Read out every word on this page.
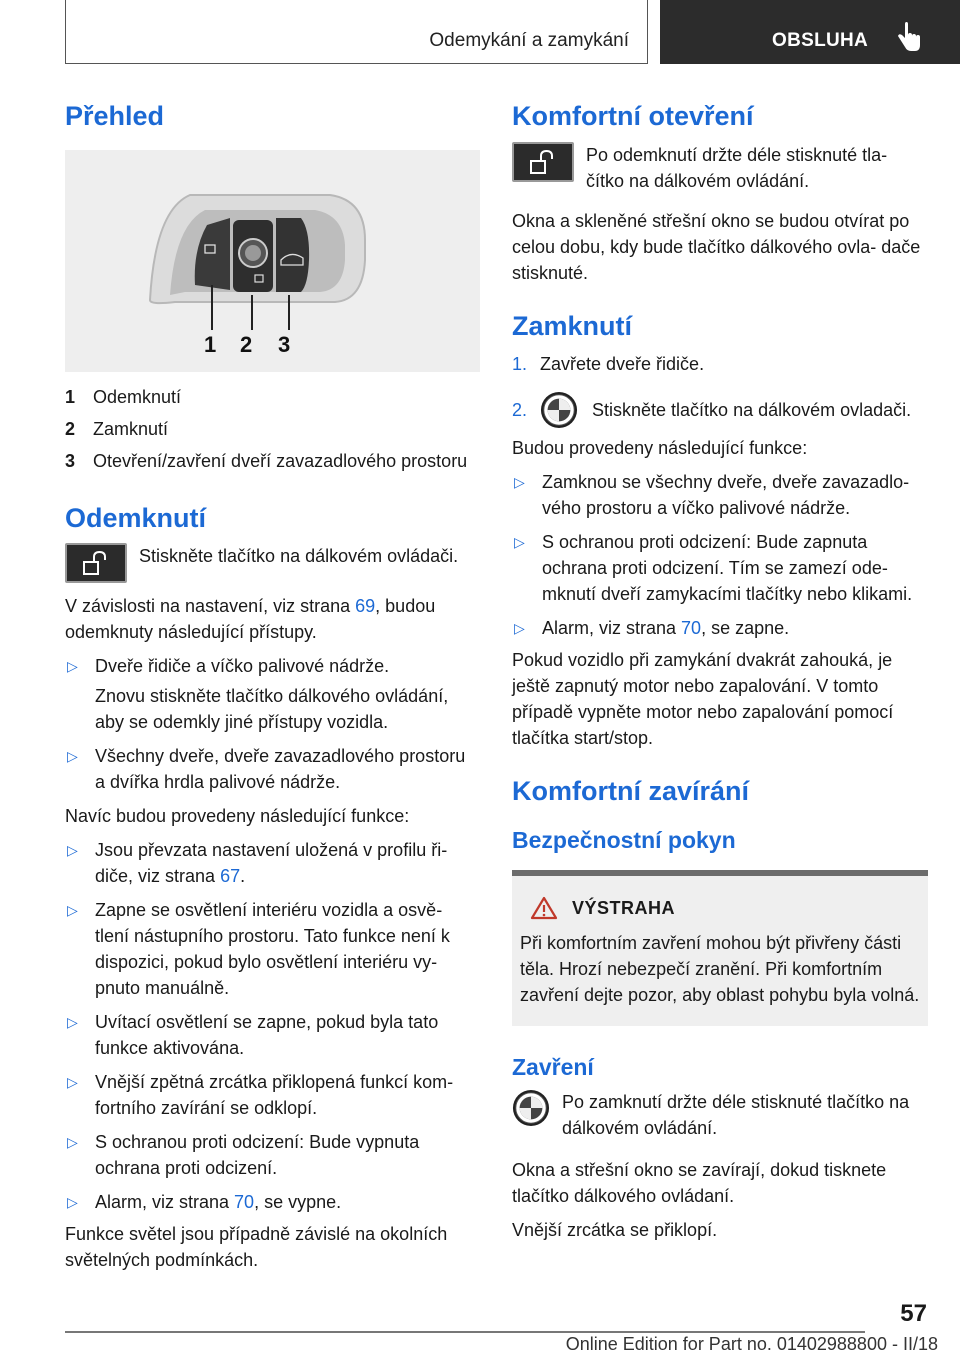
Odemykání a zamykání	OBSLUHA
Přehled
1 2 3
1 Odemknutí
2 Zamknutí
3 Otevření/zavření dveří zavazadlového prostoru
Odemknutí

Stiskněte tlačítko na dálkovém ovládači.

V závislosti na nastavení, viz strana 69, budou odemknuty následující přístupy.

▷ Dveře řidiče a víčko palivové nádrže.
Znovu stiskněte tlačítko dálkového ovládání, aby se odemkly jiné přístupy vozidla.
▷ Všechny dveře, dveře zavazadlového prostoru a dvířka hrdla palivové nádrže.

Navíc budou provedeny následující funkce:

▷ Jsou převzata nastavení uložená v profilu ři‐ diče, viz strana 67.
▷ Zapne se osvětlení interiéru vozidla a osvě‐ tlení nástupního prostoru. Tato funkce není k dispozici, pokud bylo osvětlení interiéru vy‐ pnuto manuálně.
▷ Uvítací osvětlení se zapne, pokud byla tato funkce aktivována.
▷ Vnější zpětná zrcátka přiklopená funkcí kom‐ fortního zavírání se odklopí.
▷ S ochranou proti odcizení: Bude vypnuta ochrana proti odcizení.
▷ Alarm, viz strana 70, se vypne.

Funkce světel jsou případně závislé na okolních světelných podmínkách.

Komfortní otevření

Po odemknutí držte déle stisknuté tla‐ čítko na dálkovém ovládání.

Okna a skleněné střešní okno se budou otvírat po celou dobu, kdy bude tlačítko dálkového ovla‐ dače stisknuté.

Zamknutí
1. Zavřete dveře řidiče.
2.	Stiskněte tlačítko na dálkovém ovladači.

Budou provedeny následující funkce:

▷ Zamknou se všechny dveře, dveře zavazadlo‐ vého prostoru a víčko palivové nádrže.
▷ S ochranou proti odcizení: Bude zapnuta ochrana proti odcizení. Tím se zamezí ode‐ mknutí dveří zamykacími tlačítky nebo klikami.
▷ Alarm, viz strana 70, se zapne.

Pokud vozidlo při zamykání dvakrát zahouká, je ještě zapnutý motor nebo zapalování. V tomto případě vypněte motor nebo zapalování pomocí tlačítka start/stop.

Komfortní zavírání
Bezpečnostní pokyn
VÝSTRAHA

Při komfortním zavření mohou být přivřeny části těla. Hrozí nebezpečí zranění. Při komfortním zavření dejte pozor, aby oblast pohybu byla volná.

Zavření

Po zamknutí držte déle stisknuté tlačítko na dálkovém ovládání.

Okna a střešní okno se zavírají, dokud tisknete tlačítko dálkového ovládaní.

Vnější zrcátka se přiklopí.

57
Online Edition for Part no. 01402988800 - II/18
